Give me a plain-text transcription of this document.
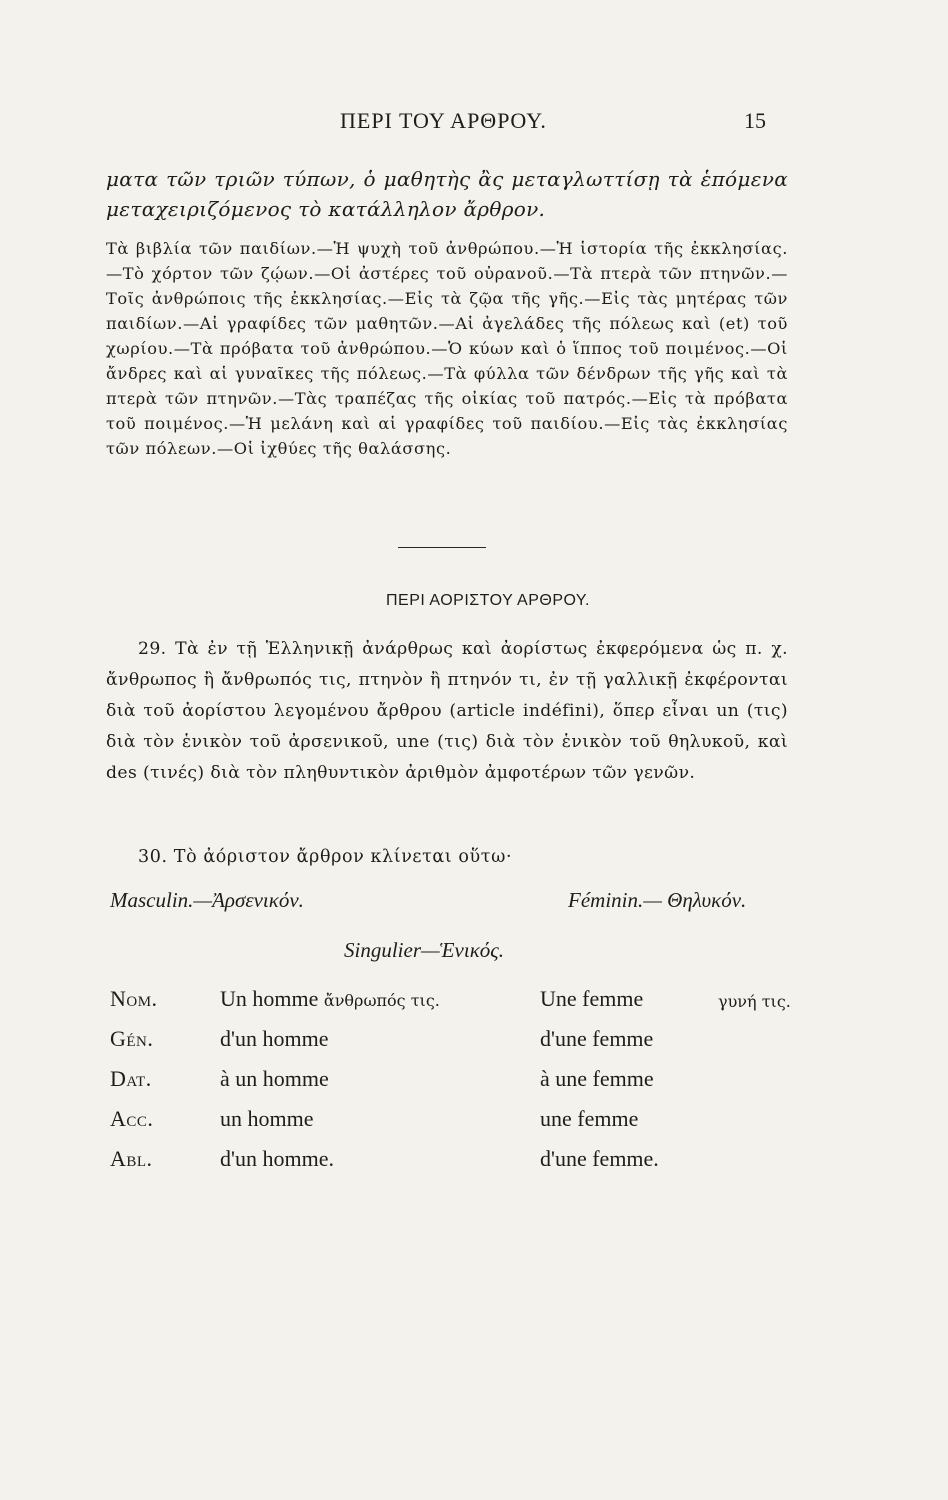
ΠΕΡΙ ΤΟΥ ΑΡΘΡΟΥ.	15
ματα τῶν τριῶν τύπων, ὁ μαθητὴς ἂς μεταγλωττίσῃ τὰ ἑπόμενα μεταχειριζόμενος τὸ κατάλληλον ἄρθρον.
Τὰ βιβλία τῶν παιδίων.—Ἡ ψυχὴ τοῦ ἀνθρώπου.—Ἡ ἱστορία τῆς ἐκκλησίας.—Τὸ χόρτον τῶν ζῴων.—Οἱ ἀστέρες τοῦ οὐρανοῦ.—Τὰ πτερὰ τῶν πτηνῶν.—Τοῖς ἀνθρώποις τῆς ἐκκλησίας.—Εἰς τὰ ζῷα τῆς γῆς.—Εἰς τὰς μητέρας τῶν παιδίων.—Αἱ γραφίδες τῶν μαθητῶν.—Αἱ ἀγελάδες τῆς πόλεως καὶ (et) τοῦ χωρίου.—Τὰ πρόβατα τοῦ ἀνθρώπου.—Ὁ κύων καὶ ὁ ἵππος τοῦ ποιμένος.—Οἱ ἄνδρες καὶ αἱ γυναῖκες τῆς πόλεως.—Τὰ φύλλα τῶν δένδρων τῆς γῆς καὶ τὰ πτερὰ τῶν πτηνῶν.—Τὰς τραπέζας τῆς οἰκίας τοῦ πατρός.—Εἰς τὰ πρόβατα τοῦ ποιμένος.—Ἡ μελάνη καὶ αἱ γραφίδες τοῦ παιδίου.—Εἰς τὰς ἐκκλησίας τῶν πόλεων.—Οἱ ἰχθύες τῆς θαλάσσης.
ΠΕΡΙ ΑΟΡΙΣΤΟΥ ΑΡΘΡΟΥ.
29. Τὰ ἐν τῇ Ἑλληνικῇ ἀνάρθρως καὶ ἀορίστως ἐκφερόμενα ὡς π. χ. ἄνθρωπος ἢ ἄνθρωπός τις, πτηνὸν ἢ πτηνόν τι, ἐν τῇ γαλλικῇ ἐκφέρονται διὰ τοῦ ἀορίστου λεγομένου ἄρθρου (article indéfini), ὅπερ εἶναι un (τις) διὰ τὸν ἑνικὸν τοῦ ἀρσενικοῦ, une (τις) διὰ τὸν ἑνικὸν τοῦ θηλυκοῦ, καὶ des (τινές) διὰ τὸν πληθυντικὸν ἀριθμὸν ἀμφοτέρων τῶν γενῶν.
30. Τὸ ἀόριστον ἄρθρον κλίνεται οὕτω·
Masculin.—Ἀρσενικόν.	Féminin.— Θηλυκόν.
Singulier—Ἑνικός.
Nom.	Un homme ἄνθρωπός τις.	Une femme	γυνή τις.
Gén.	d'un homme	d'une femme
Dat.	à un homme	à une femme
Acc.	un homme	une femme
Abl.	d'un homme.	d'une femme.
